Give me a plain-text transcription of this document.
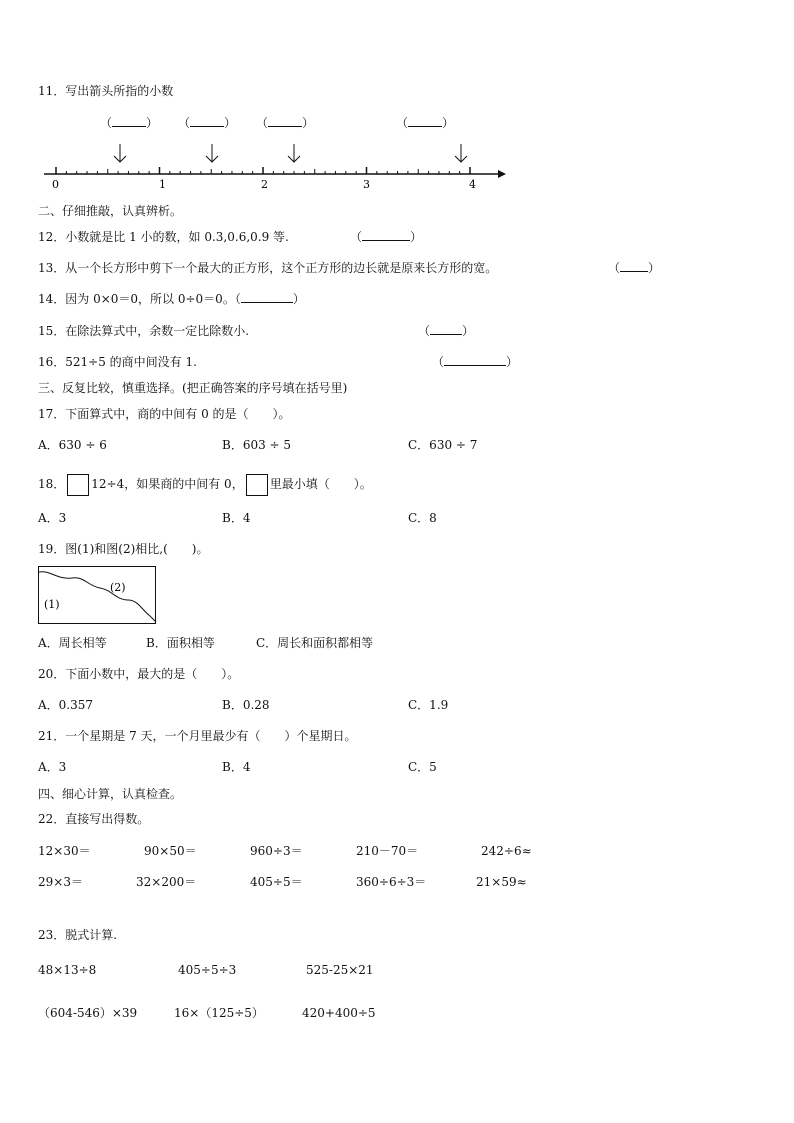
11．写出箭头所指的小数
（	） （	） （	）	（	）
0	1	2	3	4
二、仔细推敲，认真辨析。
12．小数就是比 1 小的数，如 0.3,0.6,0.9 等.	（	）
13．从一个长方形中剪下一个最大的正方形，这个正方形的边长就是原来长方形的宽。	（ ）
14．因为 0×0＝0，所以 0÷0＝0。（	）
15．在除法算式中，余数一定比除数小.	（	）
16．521÷5 的商中间没有 1.	（	）
三、反复比较，慎重选择。(把正确答案的序号填在括号里)
17．下面算式中，商的中间有 0 的是（　　）。
A．630 ÷ 6	B．603 ÷ 5	C．630 ÷ 7
18． 12÷4，如果商的中间有 0， 里最小填（　　）。
A．3	B．4	C．8
19．图(1)和图(2)相比,(　　)。
(1)
(2)
A．周长相等	B．面积相等	C．周长和面积都相等
20．下面小数中，最大的是（　　）。
A．0.357	B．0.28	C．1.9
21．一个星期是 7 天，一个月里最少有（　　）个星期日。
A．3	B．4	C．5
四、细心计算，认真检查。
22．直接写出得数。
12×30＝	90×50＝	960÷3＝	210－70＝	242÷6≈
29×3＝	32×200＝	405÷5＝	360÷6÷3＝	21×59≈
23．脱式计算.
48×13÷8	405÷5÷3	525-25×21
（604-546）×39	16×（125÷5）	420+400÷5
